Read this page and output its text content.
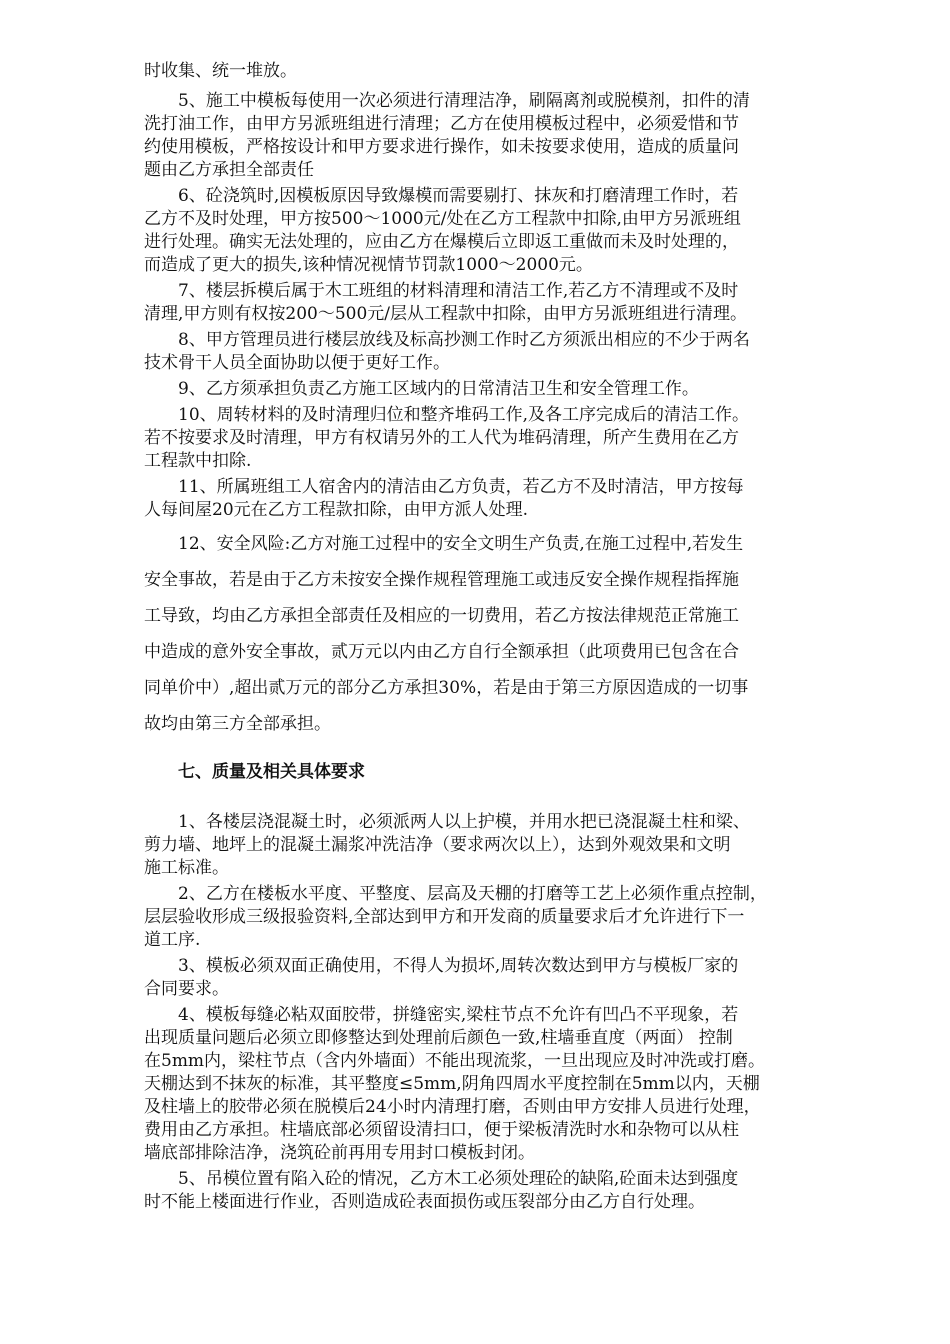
时收集、统一堆放。
5、施工中模板每使用一次必须进行清理洁净，刷隔离剂或脱模剂，扣件的清
洗打油工作，由甲方另派班组进行清理；乙方在使用模板过程中，必须爱惜和节
约使用模板，严格按设计和甲方要求进行操作，如未按要求使用，造成的质量问
题由乙方承担全部责任
6、砼浇筑时,因模板原因导致爆模而需要剔打、抹灰和打磨清理工作时，若
乙方不及时处理，甲方按500～1000元/处在乙方工程款中扣除,由甲方另派班组
进行处理。确实无法处理的，应由乙方在爆模后立即返工重做而未及时处理的，
而造成了更大的损失,该种情况视情节罚款1000～2000元。
7、楼层拆模后属于木工班组的材料清理和清洁工作,若乙方不清理或不及时
清理,甲方则有权按200～500元/层从工程款中扣除，由甲方另派班组进行清理。
8、甲方管理员进行楼层放线及标高抄测工作时乙方须派出相应的不少于两名
技术骨干人员全面协助以便于更好工作。
9、乙方须承担负责乙方施工区域内的日常清洁卫生和安全管理工作。
10、周转材料的及时清理归位和整齐堆码工作,及各工序完成后的清洁工作。
若不按要求及时清理，甲方有权请另外的工人代为堆码清理，所产生费用在乙方
工程款中扣除.
11、所属班组工人宿舍内的清洁由乙方负责，若乙方不及时清洁，甲方按每
人每间屋20元在乙方工程款扣除，由甲方派人处理.
12、安全风险:乙方对施工过程中的安全文明生产负责,在施工过程中,若发生
安全事故，若是由于乙方未按安全操作规程管理施工或违反安全操作规程指挥施
工导致，均由乙方承担全部责任及相应的一切费用，若乙方按法律规范正常施工
中造成的意外安全事故，贰万元以内由乙方自行全额承担（此项费用已包含在合
同单价中）,超出贰万元的部分乙方承担30%，若是由于第三方原因造成的一切事
故均由第三方全部承担。
七、质量及相关具体要求
1、各楼层浇混凝土时，必须派两人以上护模，并用水把已浇混凝土柱和梁、
剪力墙、地坪上的混凝土漏浆冲洗洁净（要求两次以上），达到外观效果和文明
施工标准。
2、乙方在楼板水平度、平整度、层高及天棚的打磨等工艺上必须作重点控制，
层层验收形成三级报验资料,全部达到甲方和开发商的质量要求后才允许进行下一
道工序.
3、模板必须双面正确使用，不得人为损坏,周转次数达到甲方与模板厂家的
合同要求。
4、模板每缝必粘双面胶带，拼缝密实,梁柱节点不允许有凹凸不平现象，若
出现质量问题后必须立即修整达到处理前后颜色一致,柱墙垂直度（两面） 控制
在5mm内，梁柱节点（含内外墙面）不能出现流浆，一旦出现应及时冲洗或打磨。
天棚达到不抹灰的标准，其平整度≤5mm,阴角四周水平度控制在5mm以内，天棚
及柱墙上的胶带必须在脱模后24小时内清理打磨，否则由甲方安排人员进行处理，
费用由乙方承担。柱墙底部必须留设清扫口，便于梁板清洗时水和杂物可以从柱
墙底部排除洁净，浇筑砼前再用专用封口模板封闭。
5、吊模位置有陷入砼的情况，乙方木工必须处理砼的缺陷,砼面未达到强度
时不能上楼面进行作业，否则造成砼表面损伤或压裂部分由乙方自行处理。
